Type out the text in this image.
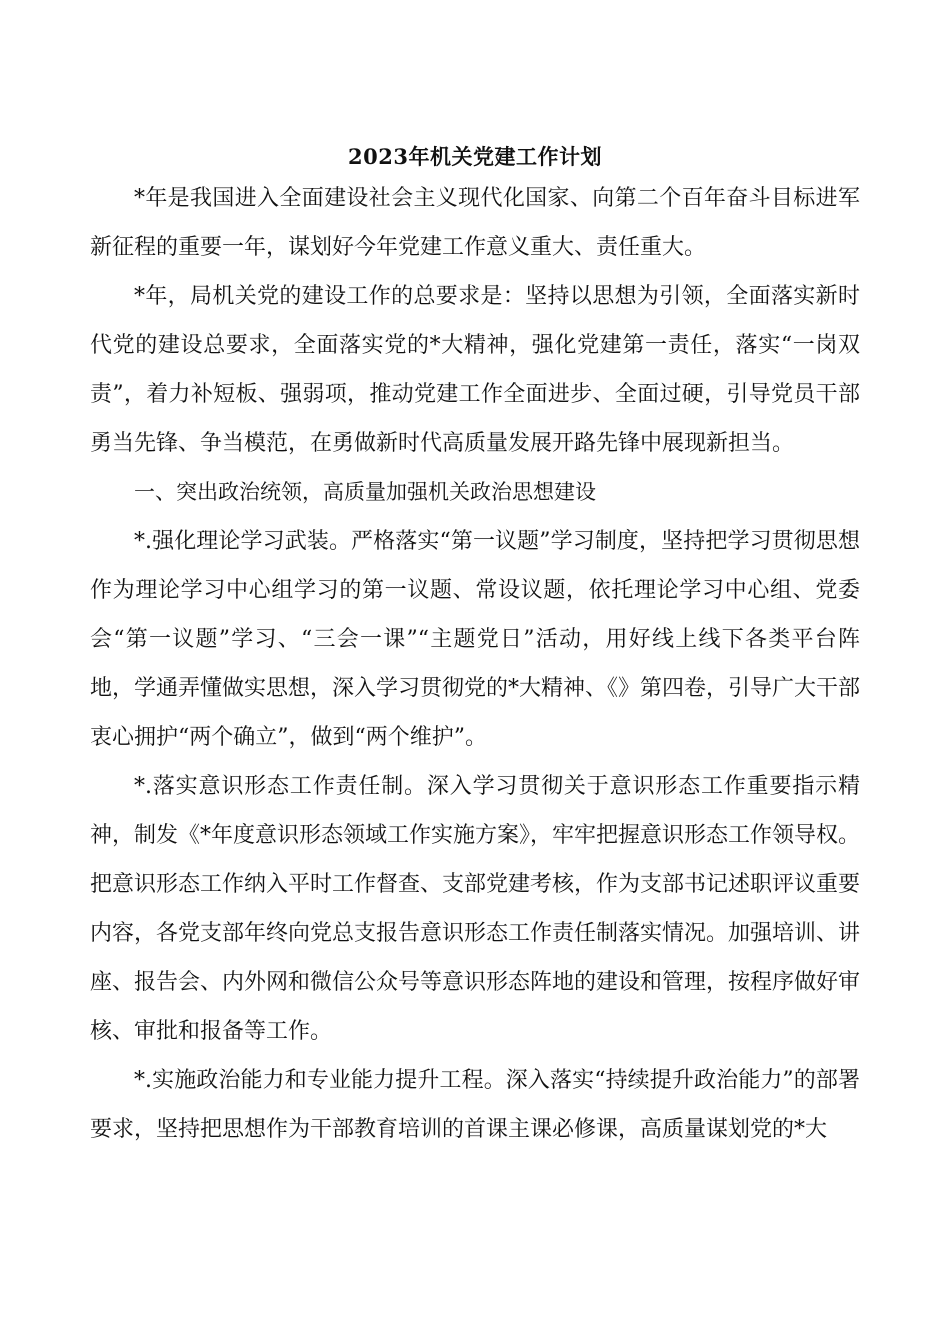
2023年机关党建工作计划

*年是我国进入全面建设社会主义现代化国家、向第二个百年奋斗目标进军新征程的重要一年，谋划好今年党建工作意义重大、责任重大。

*年，局机关党的建设工作的总要求是：坚持以思想为引领，全面落实新时代党的建设总要求，全面落实党的*大精神，强化党建第一责任，落实“一岗双责”，着力补短板、强弱项，推动党建工作全面进步、全面过硬，引导党员干部勇当先锋、争当模范，在勇做新时代高质量发展开路先锋中展现新担当。

一、突出政治统领，高质量加强机关政治思想建设

*.强化理论学习武装。严格落实“第一议题”学习制度，坚持把学习贯彻思想作为理论学习中心组学习的第一议题、常设议题，依托理论学习中心组、党委会“第一议题”学习、“三会一课”“主题党日”活动，用好线上线下各类平台阵地，学通弄懂做实思想，深入学习贯彻党的*大精神、《》第四卷，引导广大干部衷心拥护“两个确立”，做到“两个维护”。

*.落实意识形态工作责任制。深入学习贯彻关于意识形态工作重要指示精神，制发《*年度意识形态领域工作实施方案》，牢牢把握意识形态工作领导权。把意识形态工作纳入平时工作督查、支部党建考核，作为支部书记述职评议重要内容，各党支部年终向党总支报告意识形态工作责任制落实情况。加强培训、讲座、报告会、内外网和微信公众号等意识形态阵地的建设和管理，按程序做好审核、审批和报备等工作。

*.实施政治能力和专业能力提升工程。深入落实“持续提升政治能力”的部署要求，坚持把思想作为干部教育培训的首课主课必修课，高质量谋划党的*大
